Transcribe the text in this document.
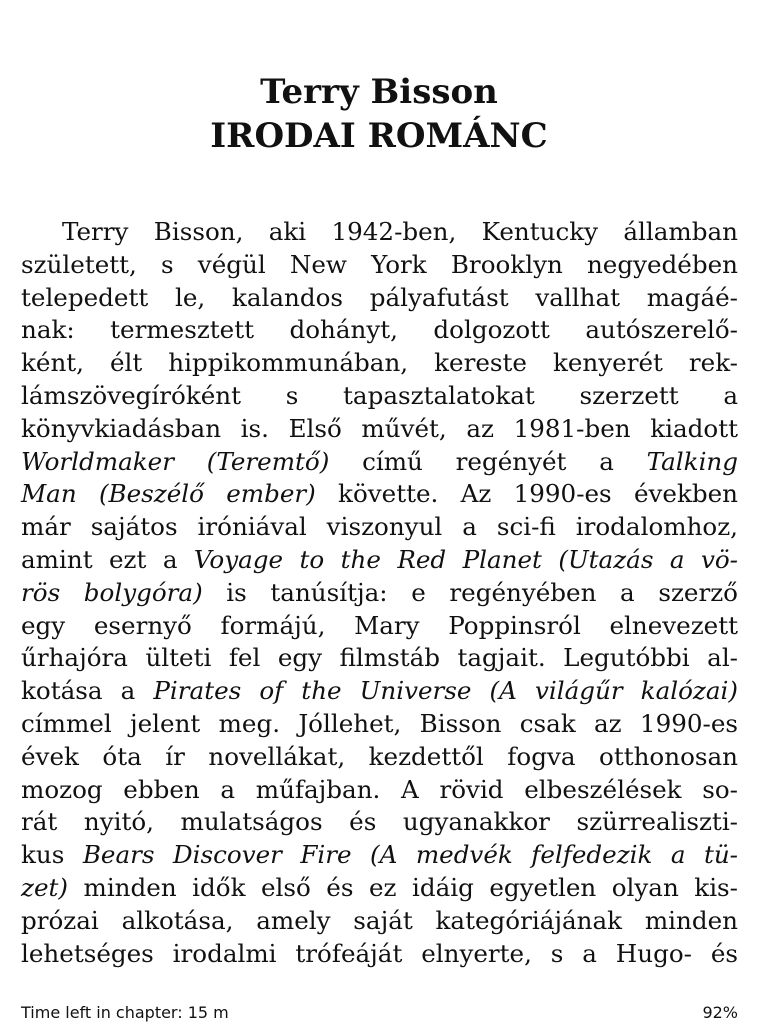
Terry Bisson
IRODAI ROMÁNC
Terry Bisson, aki 1942-ben, Kentucky államban
született, s végül New York Brooklyn negyedében
telepedett le, kalandos pályafutást vallhat magáé-
nak: termesztett dohányt, dolgozott autószerelő-
ként, élt hippikommunában, kereste kenyerét rek-
lámszövegíróként s tapasztalatokat szerzett a
könyvkiadásban is. Első művét, az 1981-ben kiadott
Worldmaker (Teremtő) című regényét a Talking
Man (Beszélő ember) követte. Az 1990-es években
már sajátos iróniával viszonyul a sci-fi irodalomhoz,
amint ezt a Voyage to the Red Planet (Utazás a vö-
rös bolygóra) is tanúsítja: e regényében a szerző
egy esernyő formájú, Mary Poppinsról elnevezett
űrhajóra ülteti fel egy filmstáb tagjait. Legutóbbi al-
kotása a Pirates of the Universe (A világűr kalózai)
címmel jelent meg. Jóllehet, Bisson csak az 1990-es
évek óta ír novellákat, kezdettől fogva otthonosan
mozog ebben a műfajban. A rövid elbeszélések so-
rát nyitó, mulatságos és ugyanakkor szürrealiszti-
kus Bears Discover Fire (A medvék felfedezik a tü-
zet) minden idők első és ez idáig egyetlen olyan kis-
prózai alkotása, amely saját kategóriájának minden
lehetséges irodalmi trófeáját elnyerte, s a Hugo- és
Time left in chapter: 15 m	92%
